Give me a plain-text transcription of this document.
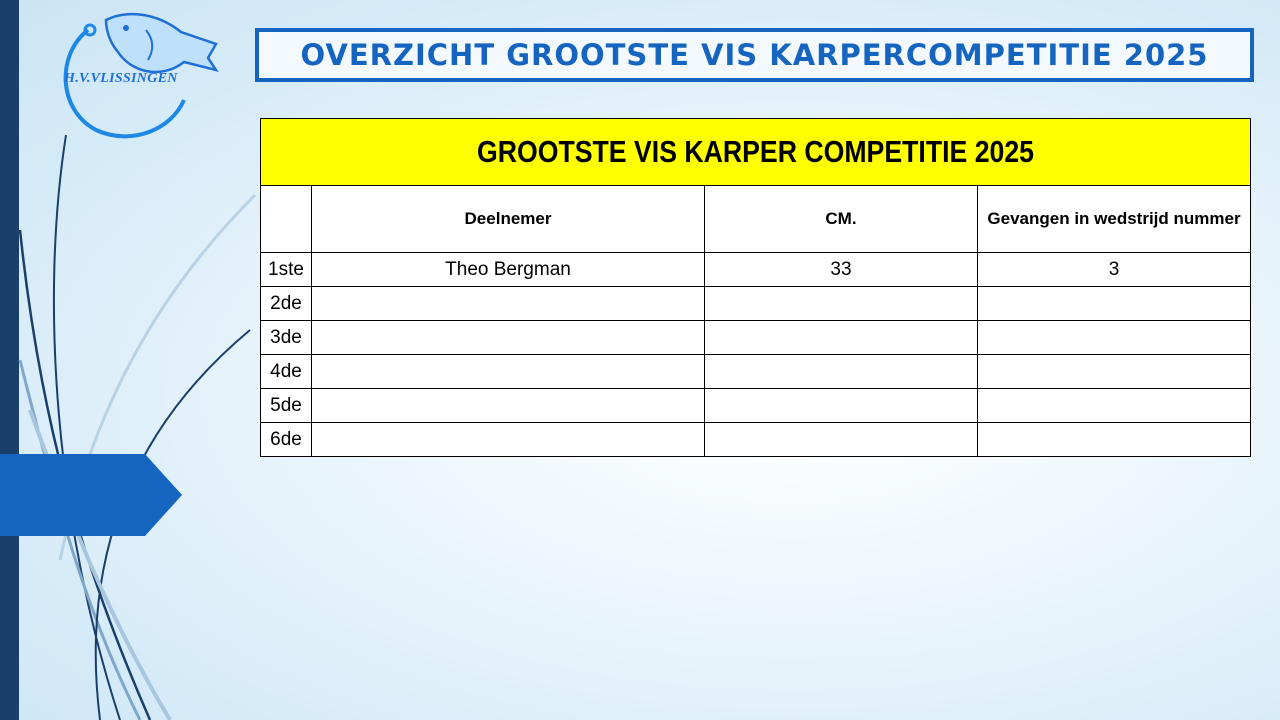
H.V.VLISSINGEN
OVERZICHT GROOTSTE VIS KARPERCOMPETITIE 2025
GROOTSTE VIS KARPER COMPETITIE 2025			

	Deelnemer	CM.	Gevangen in wedstrijd nummer
1ste	Theo Bergman	33	3
2de			
3de			
4de			
5de			
6de			
